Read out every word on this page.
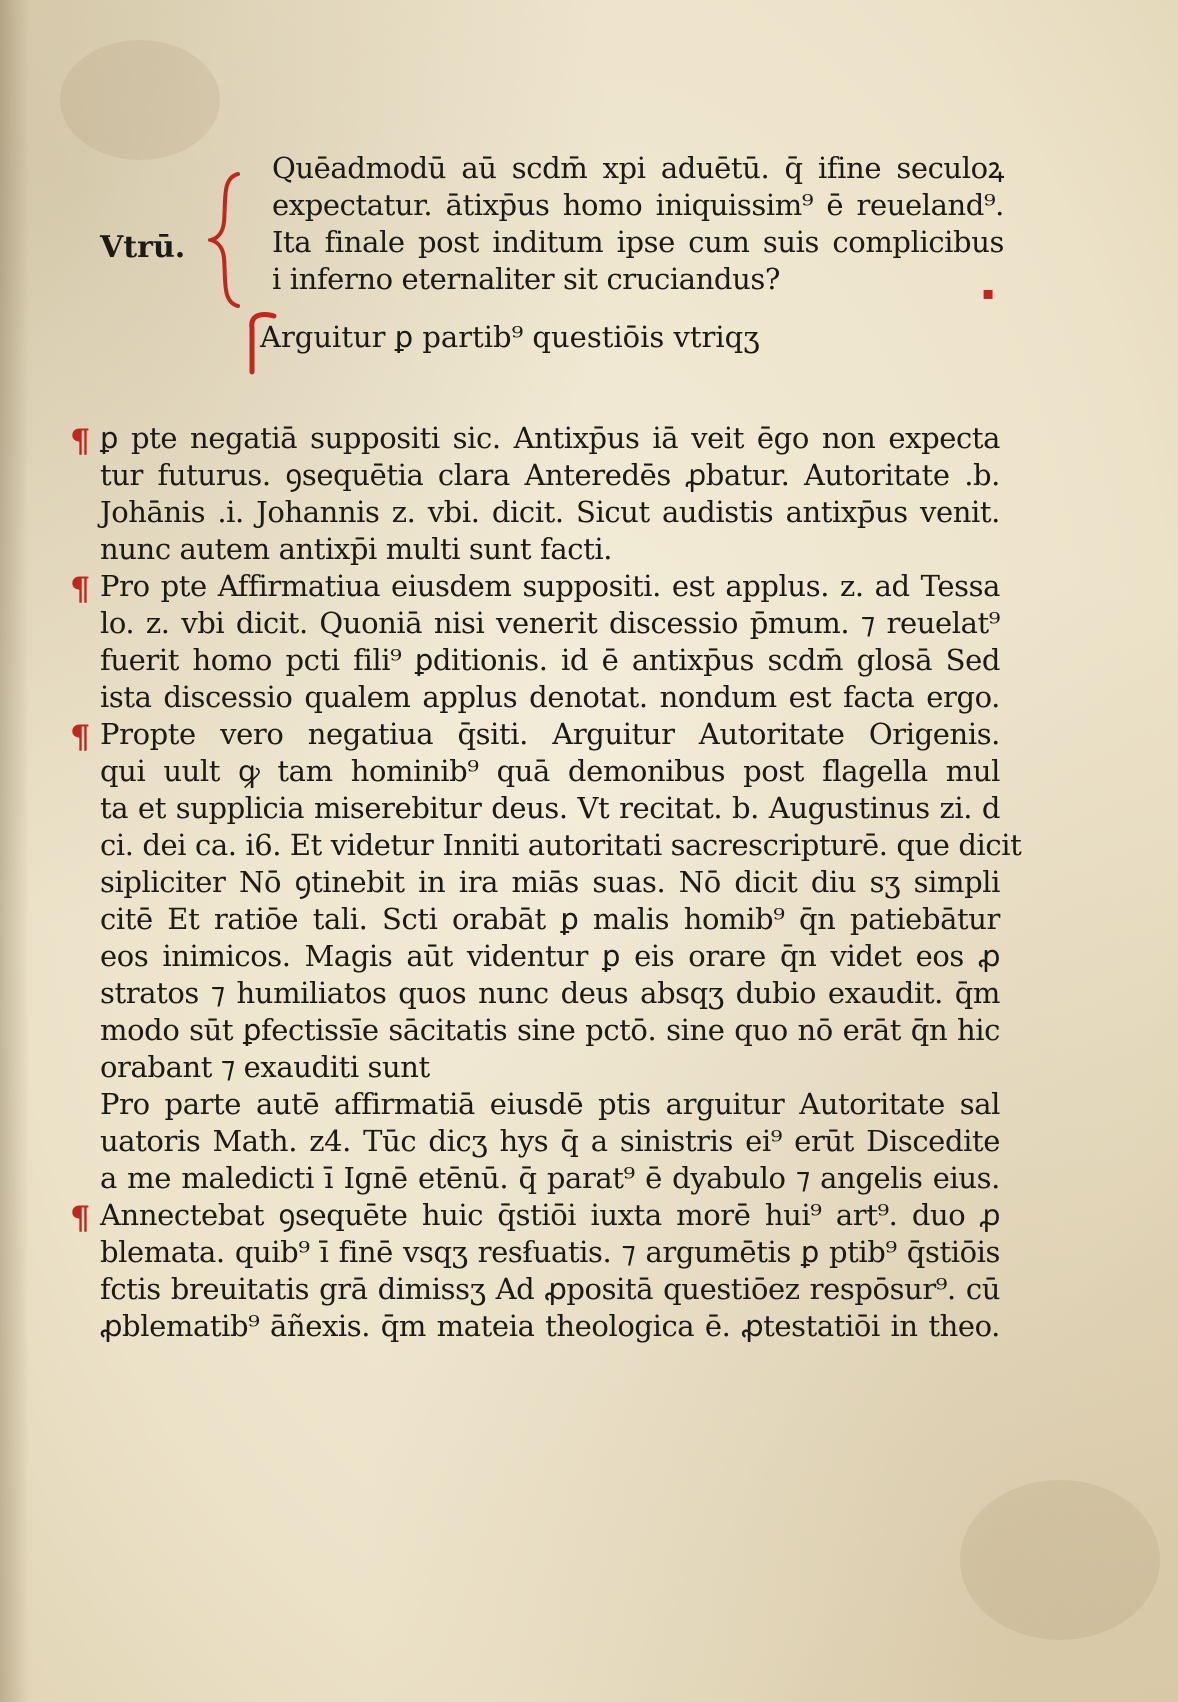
▪
Vtrū.
Quēadmodū aū scdm̄ xpi aduētū. q̄ ifine seculoꝝ
expectatur. ātixp̄us homo iniquissim⁹ ē reueland⁹.
Ita finale post inditum ipse cum suis complicibus
i inferno eternaliter sit cruciandus?
Arguitur ꝑ partib⁹ questiōis vtriqʒ
¶ ꝑ pte negatiā suppositi sic. Antixp̄us iā veit ēgo non expecta
tur futurus. ꝯsequētia clara Anteredēs ꝓbatur. Autoritate .b.
Johānis .i. Johannis z. vbi. dicit. Sicut audistis antixp̄us venit.
nunc autem antixp̄i multi sunt facti.
¶ Pro pte Affirmatiua eiusdem suppositi. est applus. z. ad Tessa
lo. z. vbi dicit. Quoniā nisi venerit discessio p̄mum. ⁊ reuelat⁹
fuerit homo pcti fili⁹ ꝑditionis. id ē antixp̄us scdm̄ glosā Sed
ista discessio qualem applus denotat. nondum est facta ergo.
¶ Propte vero negatiua q̄siti. Arguitur Autoritate Origenis.
qui uult ꝙ tam hominib⁹ quā demonibus post flagella mul
ta et supplicia miserebitur deus. Vt recitat. b. Augustinus zi. d
ci. dei ca. i6. Et videtur Inniti autoritati sacrescripturē. que dicit
sipliciter Nō ꝯtinebit in ira miās suas. Nō dicit diu sʒ simpli
citē Et ratiōe tali. Scti orabāt ꝑ malis homib⁹ q̄n patiebātur
eos inimicos. Magis aūt videntur ꝑ eis orare q̄n videt eos ꝓ
stratos ⁊ humiliatos quos nunc deus absqʒ dubio exaudit. q̄m
modo sūt ꝑfectissīe sācitatis sine pctō. sine quo nō erāt q̄n hic
orabant ⁊ exauditi sunt
Pro parte autē affirmatiā eiusdē ptis arguitur Autoritate sal
uatoris Math. z4. Tūc dicʒ hys q̄ a sinistris ei⁹ erūt Discedite
a me maledicti ī Ignē etēnū. q̄ parat⁹ ē dyabulo ⁊ angelis eius.
¶ Annectebat ꝯsequēte huic q̄stiōi iuxta morē hui⁹ art⁹. duo ꝓ
blemata. quib⁹ ī finē vsqʒ resẜuatis. ⁊ argumētis ꝑ ptib⁹ q̄stiōis
fctis breuitatis grā dimissʒ Ad ꝓpositā questiōez respōsur⁹. cū
ꝓblematib⁹ āñexis. q̄m mateia theologica ē. ꝓtestatiōi in theo.
